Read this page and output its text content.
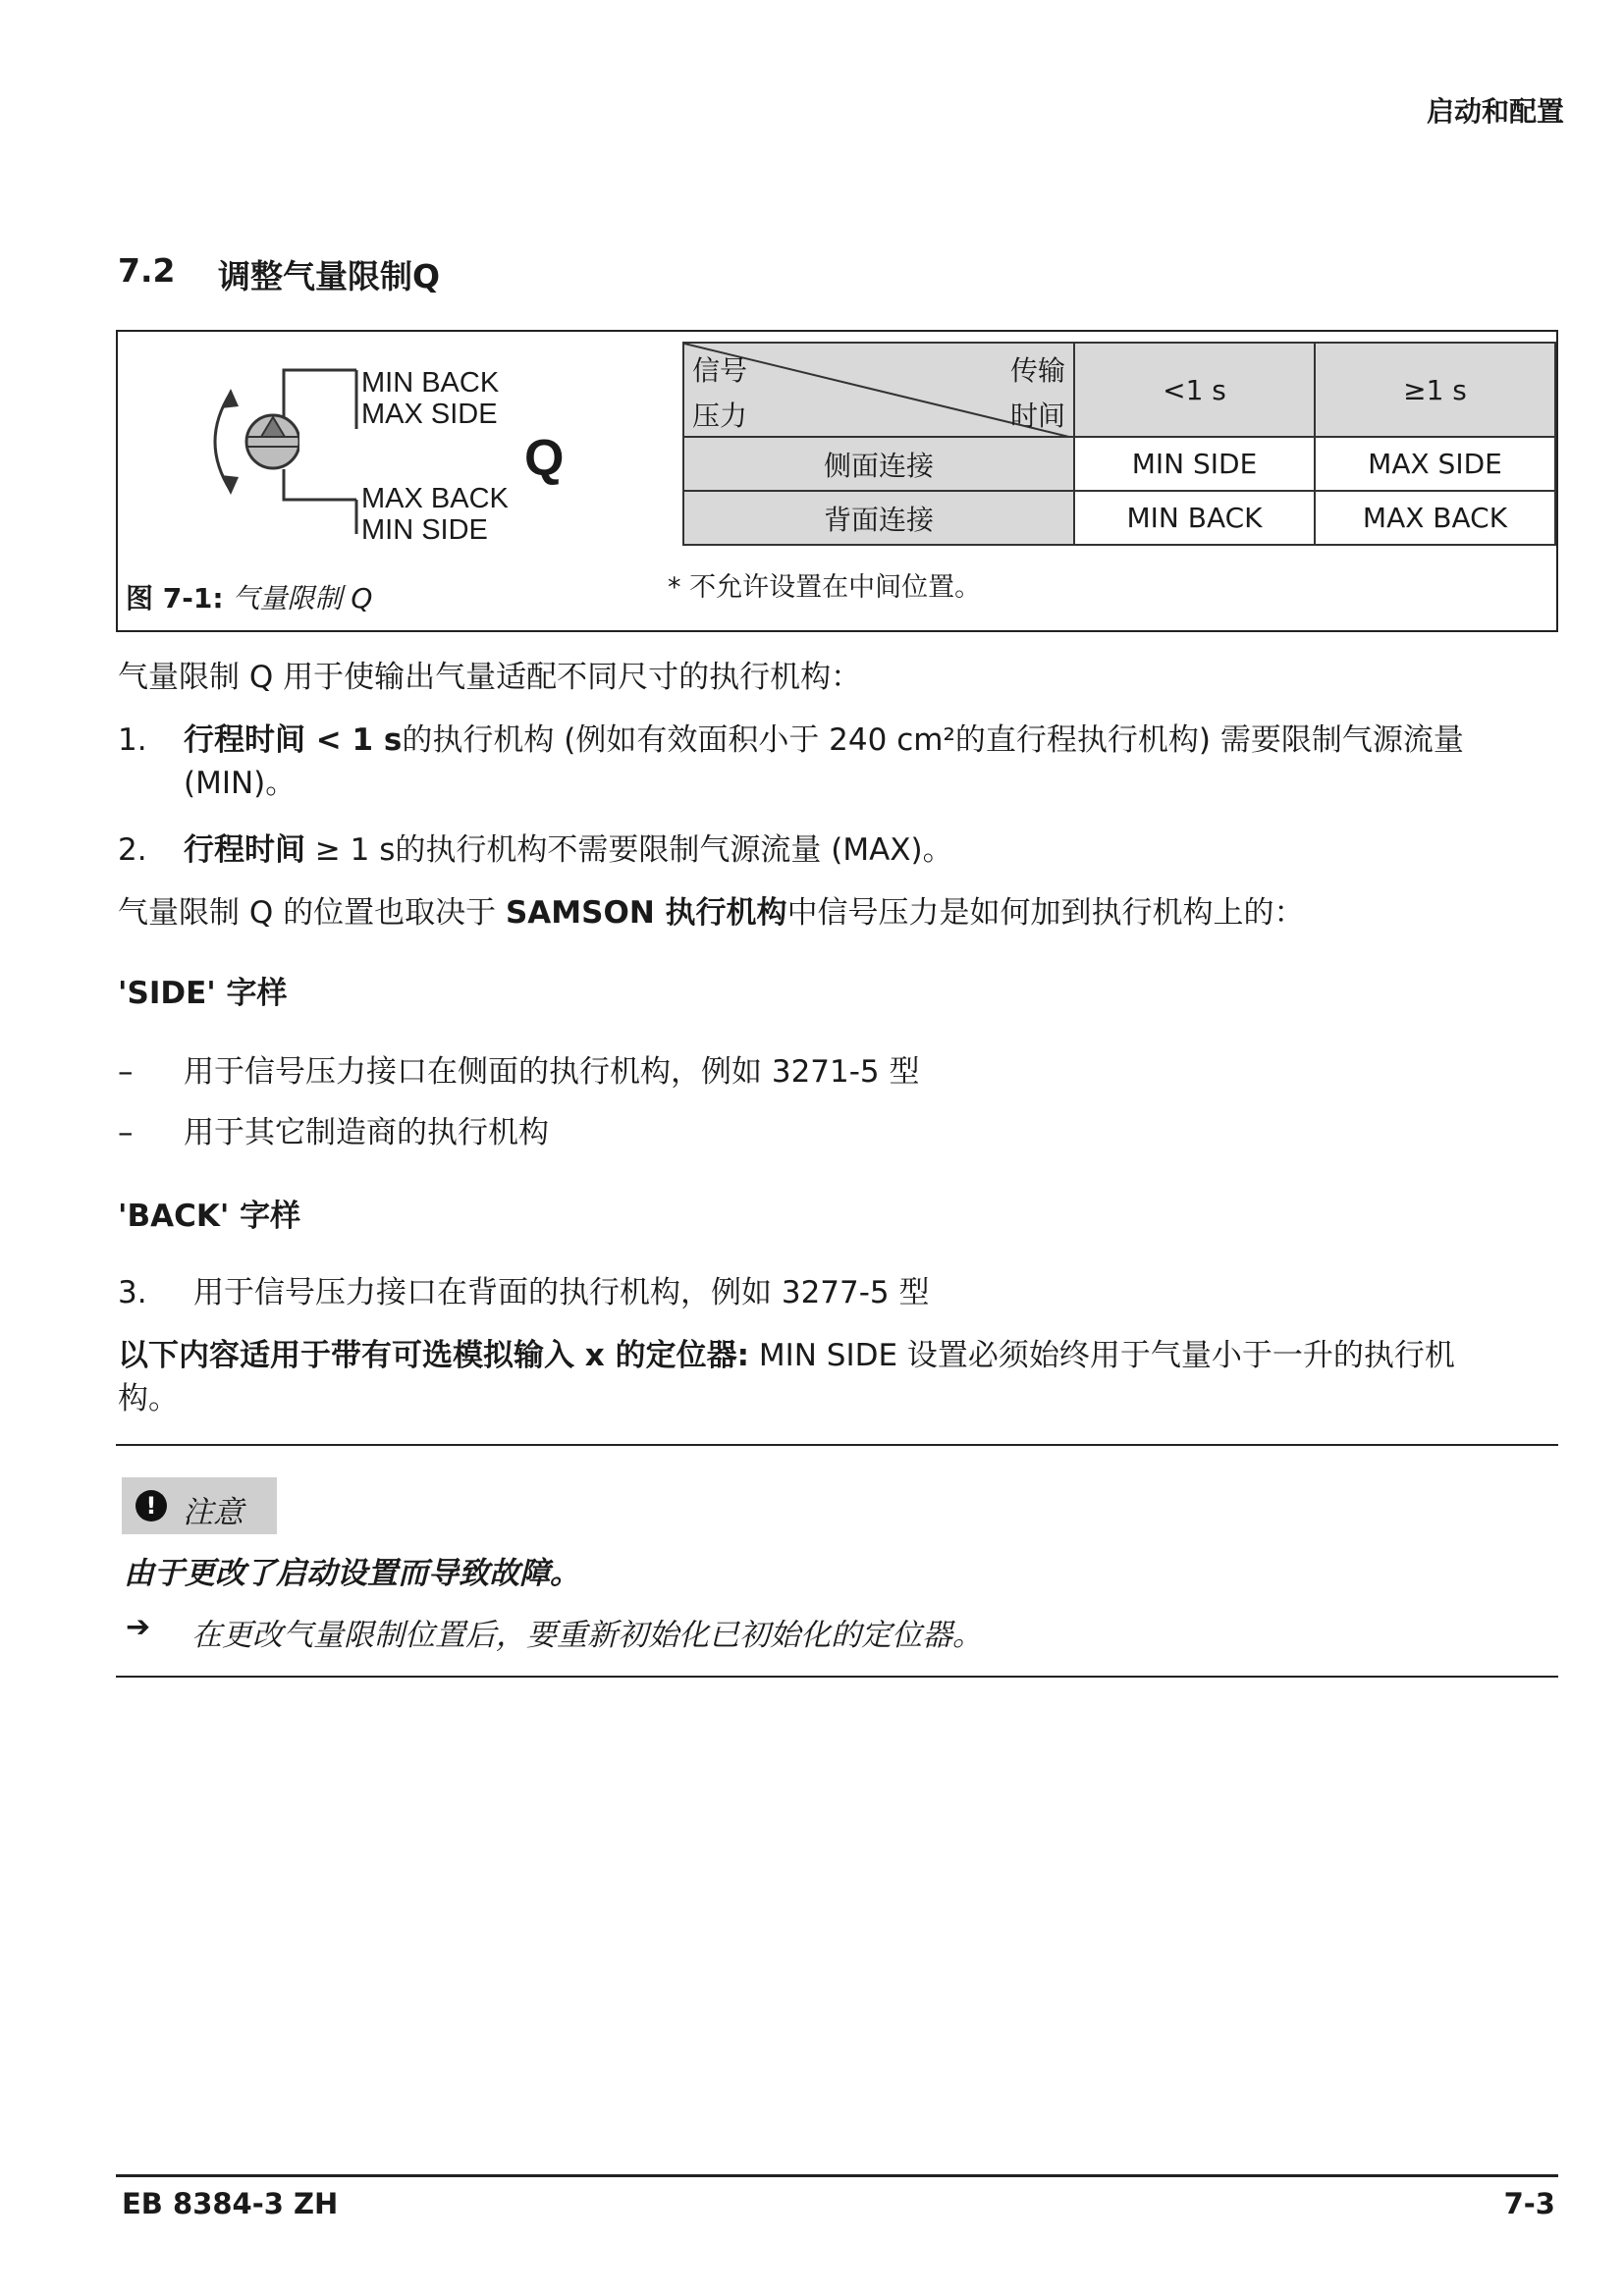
启动和配置
7.2 调整气量限制Q
MIN BACK
MAX SIDE
MAX BACK
MIN SIDE
Q
图 7-1: 气量限制 Q
信号
压力
传输
时间	<1 s	≥1 s
侧面连接	MIN SIDE	MAX SIDE
背面连接	MIN BACK	MAX BACK
* 不允许设置在中间位置。
气量限制 Q 用于使输出气量适配不同尺寸的执行机构：
1. 行程时间 < 1 s的执行机构 (例如有效面积小于 240 cm²的直行程执行机构) 需要限制气源流量
(MIN)。
2. 行程时间 ≥ 1 s的执行机构不需要限制气源流量 (MAX)。
气量限制 Q 的位置也取决于 SAMSON 执行机构中信号压力是如何加到执行机构上的：
'SIDE' 字样
– 用于信号压力接口在侧面的执行机构，例如 3271-5 型
– 用于其它制造商的执行机构
'BACK' 字样
3. 用于信号压力接口在背面的执行机构，例如 3277-5 型
以下内容适用于带有可选模拟输入 x 的定位器: MIN SIDE 设置必须始终用于气量小于一升的执行机
构。
! 注意
由于更改了启动设置而导致故障。
➔ 在更改气量限制位置后，要重新初始化已初始化的定位器。
EB 8384-3 ZH	7-3
